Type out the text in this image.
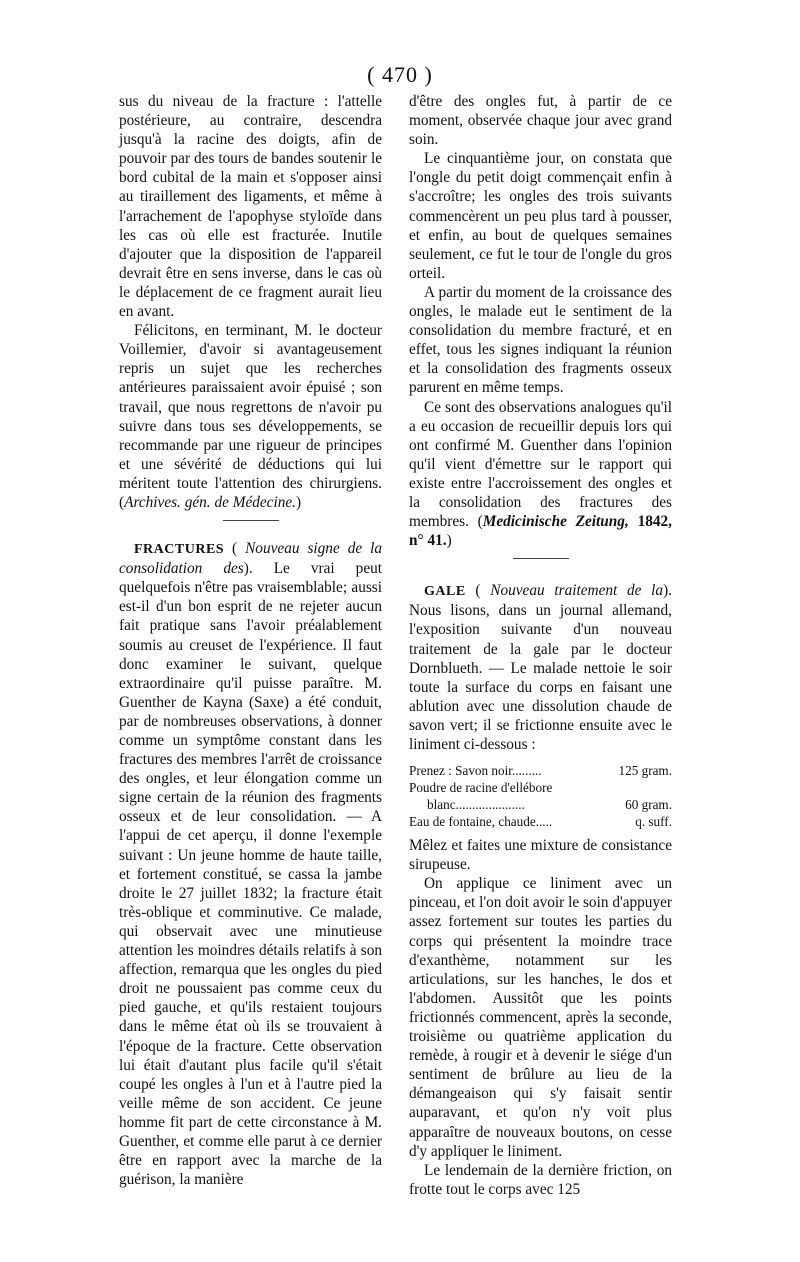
( 470 )

sus du niveau de la fracture : l'attelle postérieure, au contraire, descendra jusqu'à la racine des doigts, afin de pouvoir par des tours de bandes soutenir le bord cubital de la main et s'opposer ainsi au tiraillement des ligaments, et même à l'arrachement de l'apophyse styloïde dans les cas où elle est fracturée. Inutile d'ajouter que la disposition de l'appareil devrait être en sens inverse, dans le cas où le déplacement de ce fragment aurait lieu en avant.

Félicitons, en terminant, M. le docteur Voillemier, d'avoir si avantageusement repris un sujet que les recherches antérieures paraissaient avoir épuisé ; son travail, que nous regrettons de n'avoir pu suivre dans tous ses développements, se recommande par une rigueur de principes et une sévérité de déductions qui lui méritent toute l'attention des chirurgiens. (Archives. gén. de Médecine.)

FRACTURES ( Nouveau signe de la consolidation des). Le vrai peut quelquefois n'être pas vraisemblable; aussi est-il d'un bon esprit de ne rejeter aucun fait pratique sans l'avoir préalablement soumis au creuset de l'expérience. Il faut donc examiner le suivant, quelque extraordinaire qu'il puisse paraître. M. Guenther de Kayna (Saxe) a été conduit, par de nombreuses observations, à donner comme un symptôme constant dans les fractures des membres l'arrêt de croissance des ongles, et leur élongation comme un signe certain de la réunion des fragments osseux et de leur consolidation. — A l'appui de cet aperçu, il donne l'exemple suivant : Un jeune homme de haute taille, et fortement constitué, se cassa la jambe droite le 27 juillet 1832; la fracture était très-oblique et comminutive. Ce malade, qui observait avec une minutieuse attention les moindres détails relatifs à son affection, remarqua que les ongles du pied droit ne poussaient pas comme ceux du pied gauche, et qu'ils restaient toujours dans le même état où ils se trouvaient à l'époque de la fracture. Cette observation lui était d'autant plus facile qu'il s'était coupé les ongles à l'un et à l'autre pied la veille même de son accident. Ce jeune homme fit part de cette circonstance à M. Guenther, et comme elle parut à ce dernier être en rapport avec la marche de la guérison, la manière

d'être des ongles fut, à partir de ce moment, observée chaque jour avec grand soin.

Le cinquantième jour, on constata que l'ongle du petit doigt commençait enfin à s'accroître; les ongles des trois suivants commencèrent un peu plus tard à pousser, et enfin, au bout de quelques semaines seulement, ce fut le tour de l'ongle du gros orteil.

A partir du moment de la croissance des ongles, le malade eut le sentiment de la consolidation du membre fracturé, et en effet, tous les signes indiquant la réunion et la consolidation des fragments osseux parurent en même temps.

Ce sont des observations analogues qu'il a eu occasion de recueillir depuis lors qui ont confirmé M. Guenther dans l'opinion qu'il vient d'émettre sur le rapport qui existe entre l'accroissement des ongles et la consolidation des fractures des membres. (Medicinische Zeitung, 1842, n° 41.)

GALE ( Nouveau traitement de la). Nous lisons, dans un journal allemand, l'exposition suivante d'un nouveau traitement de la gale par le docteur Dornblueth. — Le malade nettoie le soir toute la surface du corps en faisant une ablution avec une dissolution chaude de savon vert; il se frictionne ensuite avec le liniment ci-dessous :

Prenez : Savon noir.........	125 gram.
Poudre de racine d'ellébore
blanc.....................	60 gram.
Eau de fontaine, chaude.....	q. suff.

Mêlez et faites une mixture de consistance sirupeuse.

On applique ce liniment avec un pinceau, et l'on doit avoir le soin d'appuyer assez fortement sur toutes les parties du corps qui présentent la moindre trace d'exanthème, notamment sur les articulations, sur les hanches, le dos et l'abdomen. Aussitôt que les points frictionnés commencent, après la seconde, troisième ou quatrième application du remède, à rougir et à devenir le siége d'un sentiment de brûlure au lieu de la démangeaison qui s'y faisait sentir auparavant, et qu'on n'y voit plus apparaître de nouveaux boutons, on cesse d'y appliquer le liniment.

Le lendemain de la dernière friction, on frotte tout le corps avec 125
